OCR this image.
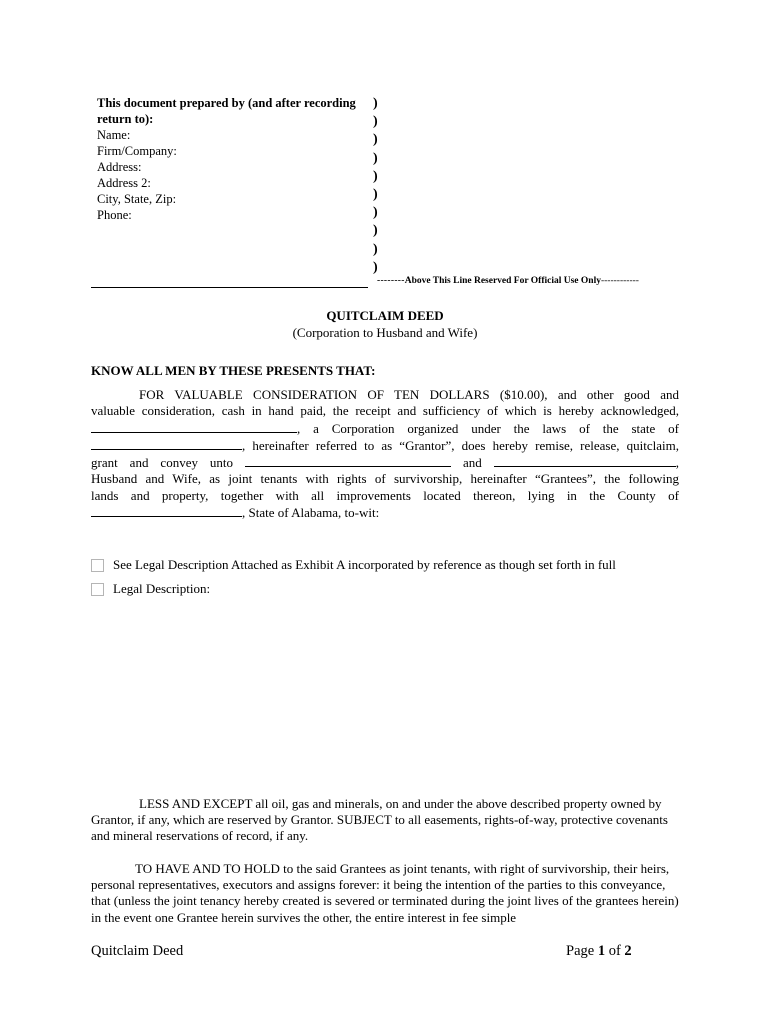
This document prepared by (and after recording
return to):
Name:
Firm/Company:
Address:
Address 2:
City, State, Zip:
Phone:
)
)
)
)
)
)
)
)
)
)
--------Above This Line Reserved For Official Use Only------------
QUITCLAIM DEED
(Corporation to Husband and Wife)
KNOW ALL MEN BY THESE PRESENTS THAT:
FOR VALUABLE CONSIDERATION OF TEN DOLLARS ($10.00), and other good and
valuable consideration, cash in hand paid, the receipt and sufficiency of which is hereby acknowledged,
, a Corporation organized under the laws of the state of
, hereinafter referred to as “Grantor”, does hereby remise, release, quitclaim,
grant and convey unto	and	,
Husband and Wife, as joint tenants with rights of survivorship, hereinafter “Grantees”, the following
lands and property, together with all improvements located thereon, lying in the County of
, State of Alabama, to-wit:
See Legal Description Attached as Exhibit A incorporated by reference as though set forth in full
Legal Description:
LESS AND EXCEPT all oil, gas and minerals, on and under the above described property owned by Grantor, if any, which are reserved by Grantor. SUBJECT to all easements, rights-of-way, protective covenants and mineral reservations of record, if any.
TO HAVE AND TO HOLD to the said Grantees as joint tenants, with right of survivorship, their heirs, personal representatives, executors and assigns forever: it being the intention of the parties to this conveyance, that (unless the joint tenancy hereby created is severed or terminated during the joint lives of the grantees herein) in the event one Grantee herein survives the other, the entire interest in fee simple
Quitclaim Deed	Page 1 of 2
